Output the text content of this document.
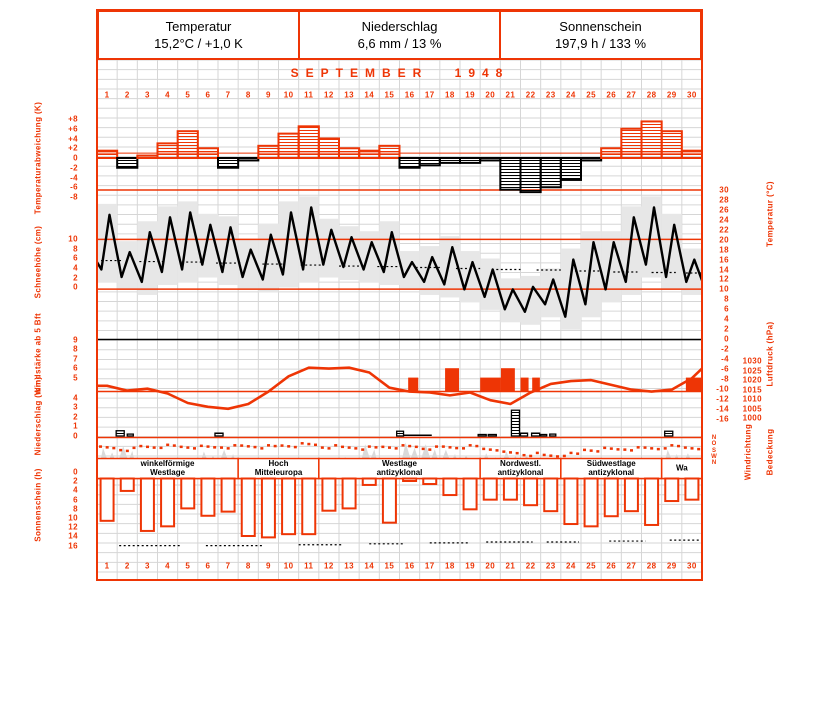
Temperatur
15,2°C / +1,0 K
Niederschlag
6,6 mm / 13 %
Sonnenschein
197,9 h / 133 %
SEPTEMBER 1948
Temperaturabweichung (K)
Schneehöhe (cm)
Windstärke ab 5 Bft
Niederschlag (mm)
Sonnenschein (h)
Temperatur (°C)
Luftdruck (hPa)
Windrichtung Bedeckung
1
1
2
2
3
3
4
4
5
5
6
6
7
7
8
8
9
9
10
10
11
11
12
12
13
13
14
14
15
15
16
16
17
17
18
18
19
19
20
20
21
21
22
22
23
23
24
24
25
25
26
26
27
27
28
28
29
29
30
30
+8
+6
+4
+2
0
-2
-4
-6
-8
10
8
6
4
2
0
9
8
7
6
5
4
3
2
1
0
0
2
4
6
8
10
12
14
16
30
28
26
24
22
20
18
16
14
12
10
8
6
4
2
0
-2
-4
-6
-8
-10
-12
-14
-16
1030
1025
1020
1015
1010
1005
1000
N
O
S
W
N
winkelförmige
Westlage
Hoch
Mitteleuropa
Westlage
antizyklonal
Nordwestl.
antizyklonal
Südwestlage
antizyklonal	Wa
